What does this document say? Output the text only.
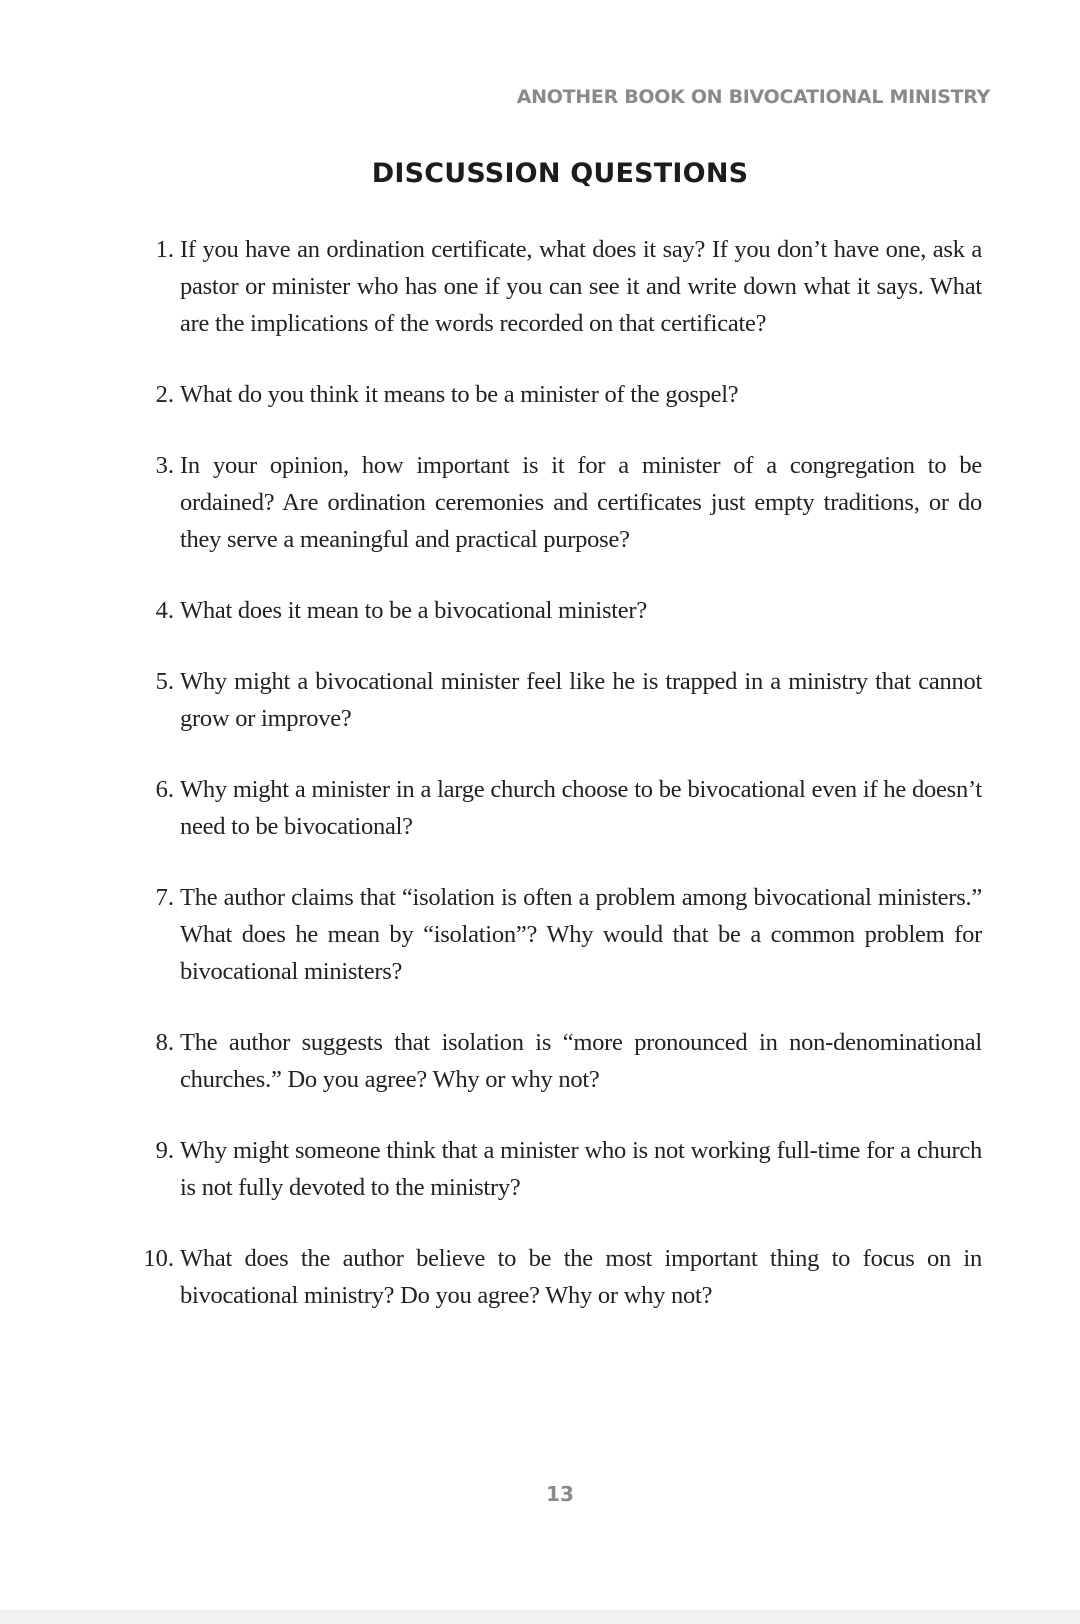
ANOTHER BOOK ON BIVOCATIONAL MINISTRY
DISCUSSION QUESTIONS
1. If you have an ordination certificate, what does it say? If you don’t have one, ask a pastor or minister who has one if you can see it and write down what it says. What are the implications of the words recorded on that certificate?
2. What do you think it means to be a minister of the gospel?
3. In your opinion, how important is it for a minister of a congregation to be ordained? Are ordination ceremonies and certificates just empty traditions, or do they serve a meaningful and practical purpose?
4. What does it mean to be a bivocational minister?
5. Why might a bivocational minister feel like he is trapped in a ministry that cannot grow or improve?
6. Why might a minister in a large church choose to be bivocational even if he doesn’t need to be bivocational?
7. The author claims that “isolation is often a problem among bivocational ministers.” What does he mean by “isolation”? Why would that be a common problem for bivocational ministers?
8. The author suggests that isolation is “more pronounced in non-denominational churches.” Do you agree? Why or why not?
9. Why might someone think that a minister who is not working full-time for a church is not fully devoted to the ministry?
10. What does the author believe to be the most important thing to focus on in bivocational ministry? Do you agree? Why or why not?
13
